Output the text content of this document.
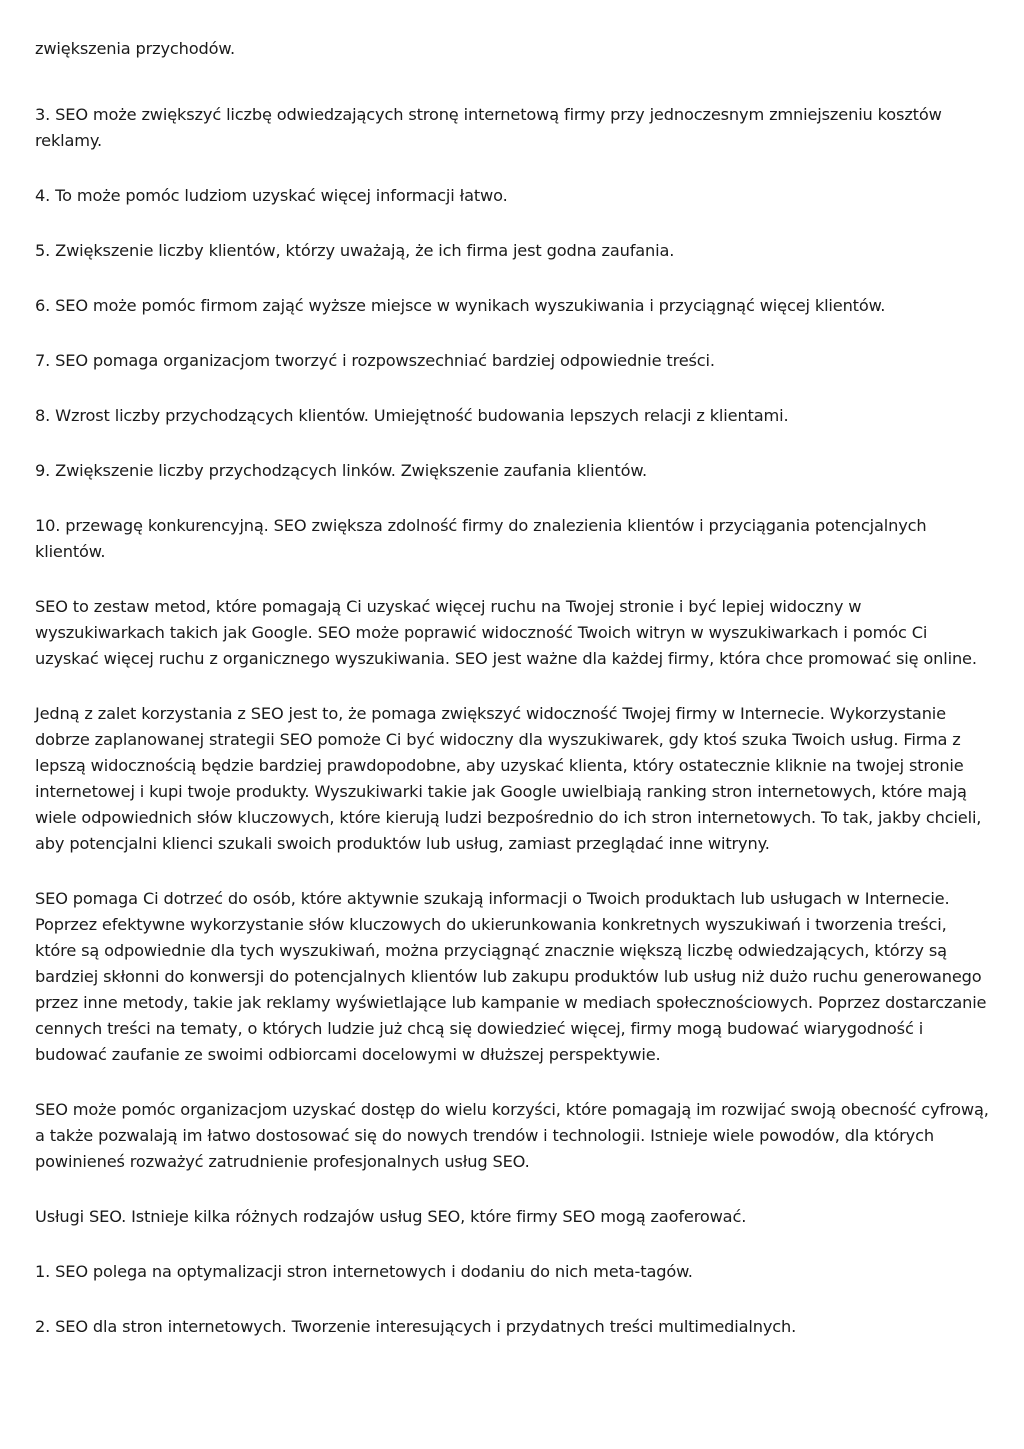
zwiększenia przychodów.

3. SEO może zwiększyć liczbę odwiedzających stronę internetową firmy przy jednoczesnym zmniejszeniu kosztów reklamy.

4. To może pomóc ludziom uzyskać więcej informacji łatwo.

5. Zwiększenie liczby klientów, którzy uważają, że ich firma jest godna zaufania.

6. SEO może pomóc firmom zająć wyższe miejsce w wynikach wyszukiwania i przyciągnąć więcej klientów.

7. SEO pomaga organizacjom tworzyć i rozpowszechniać bardziej odpowiednie treści.

8. Wzrost liczby przychodzących klientów. Umiejętność budowania lepszych relacji z klientami.

9. Zwiększenie liczby przychodzących linków. Zwiększenie zaufania klientów.

10. przewagę konkurencyjną. SEO zwiększa zdolność firmy do znalezienia klientów i przyciągania potencjalnych klientów.

SEO to zestaw metod, które pomagają Ci uzyskać więcej ruchu na Twojej stronie i być lepiej widoczny w wyszukiwarkach takich jak Google. SEO może poprawić widoczność Twoich witryn w wyszukiwarkach i pomóc Ci uzyskać więcej ruchu z organicznego wyszukiwania. SEO jest ważne dla każdej firmy, która chce promować się online.

Jedną z zalet korzystania z SEO jest to, że pomaga zwiększyć widoczność Twojej firmy w Internecie. Wykorzystanie dobrze zaplanowanej strategii SEO pomoże Ci być widoczny dla wyszukiwarek, gdy ktoś szuka Twoich usług. Firma z lepszą widocznością będzie bardziej prawdopodobne, aby uzyskać klienta, który ostatecznie kliknie na twojej stronie internetowej i kupi twoje produkty. Wyszukiwarki takie jak Google uwielbiają ranking stron internetowych, które mają wiele odpowiednich słów kluczowych, które kierują ludzi bezpośrednio do ich stron internetowych. To tak, jakby chcieli, aby potencjalni klienci szukali swoich produktów lub usług, zamiast przeglądać inne witryny.

SEO pomaga Ci dotrzeć do osób, które aktywnie szukają informacji o Twoich produktach lub usługach w Internecie. Poprzez efektywne wykorzystanie słów kluczowych do ukierunkowania konkretnych wyszukiwań i tworzenia treści, które są odpowiednie dla tych wyszukiwań, można przyciągnąć znacznie większą liczbę odwiedzających, którzy są bardziej skłonni do konwersji do potencjalnych klientów lub zakupu produktów lub usług niż dużo ruchu generowanego przez inne metody, takie jak reklamy wyświetlające lub kampanie w mediach społecznościowych. Poprzez dostarczanie cennych treści na tematy, o których ludzie już chcą się dowiedzieć więcej, firmy mogą budować wiarygodność i budować zaufanie ze swoimi odbiorcami docelowymi w dłuższej perspektywie.

SEO może pomóc organizacjom uzyskać dostęp do wielu korzyści, które pomagają im rozwijać swoją obecność cyfrową, a także pozwalają im łatwo dostosować się do nowych trendów i technologii. Istnieje wiele powodów, dla których powinieneś rozważyć zatrudnienie profesjonalnych usług SEO.

Usługi SEO. Istnieje kilka różnych rodzajów usług SEO, które firmy SEO mogą zaoferować.

1. SEO polega na optymalizacji stron internetowych i dodaniu do nich meta-tagów.

2. SEO dla stron internetowych. Tworzenie interesujących i przydatnych treści multimedialnych.
